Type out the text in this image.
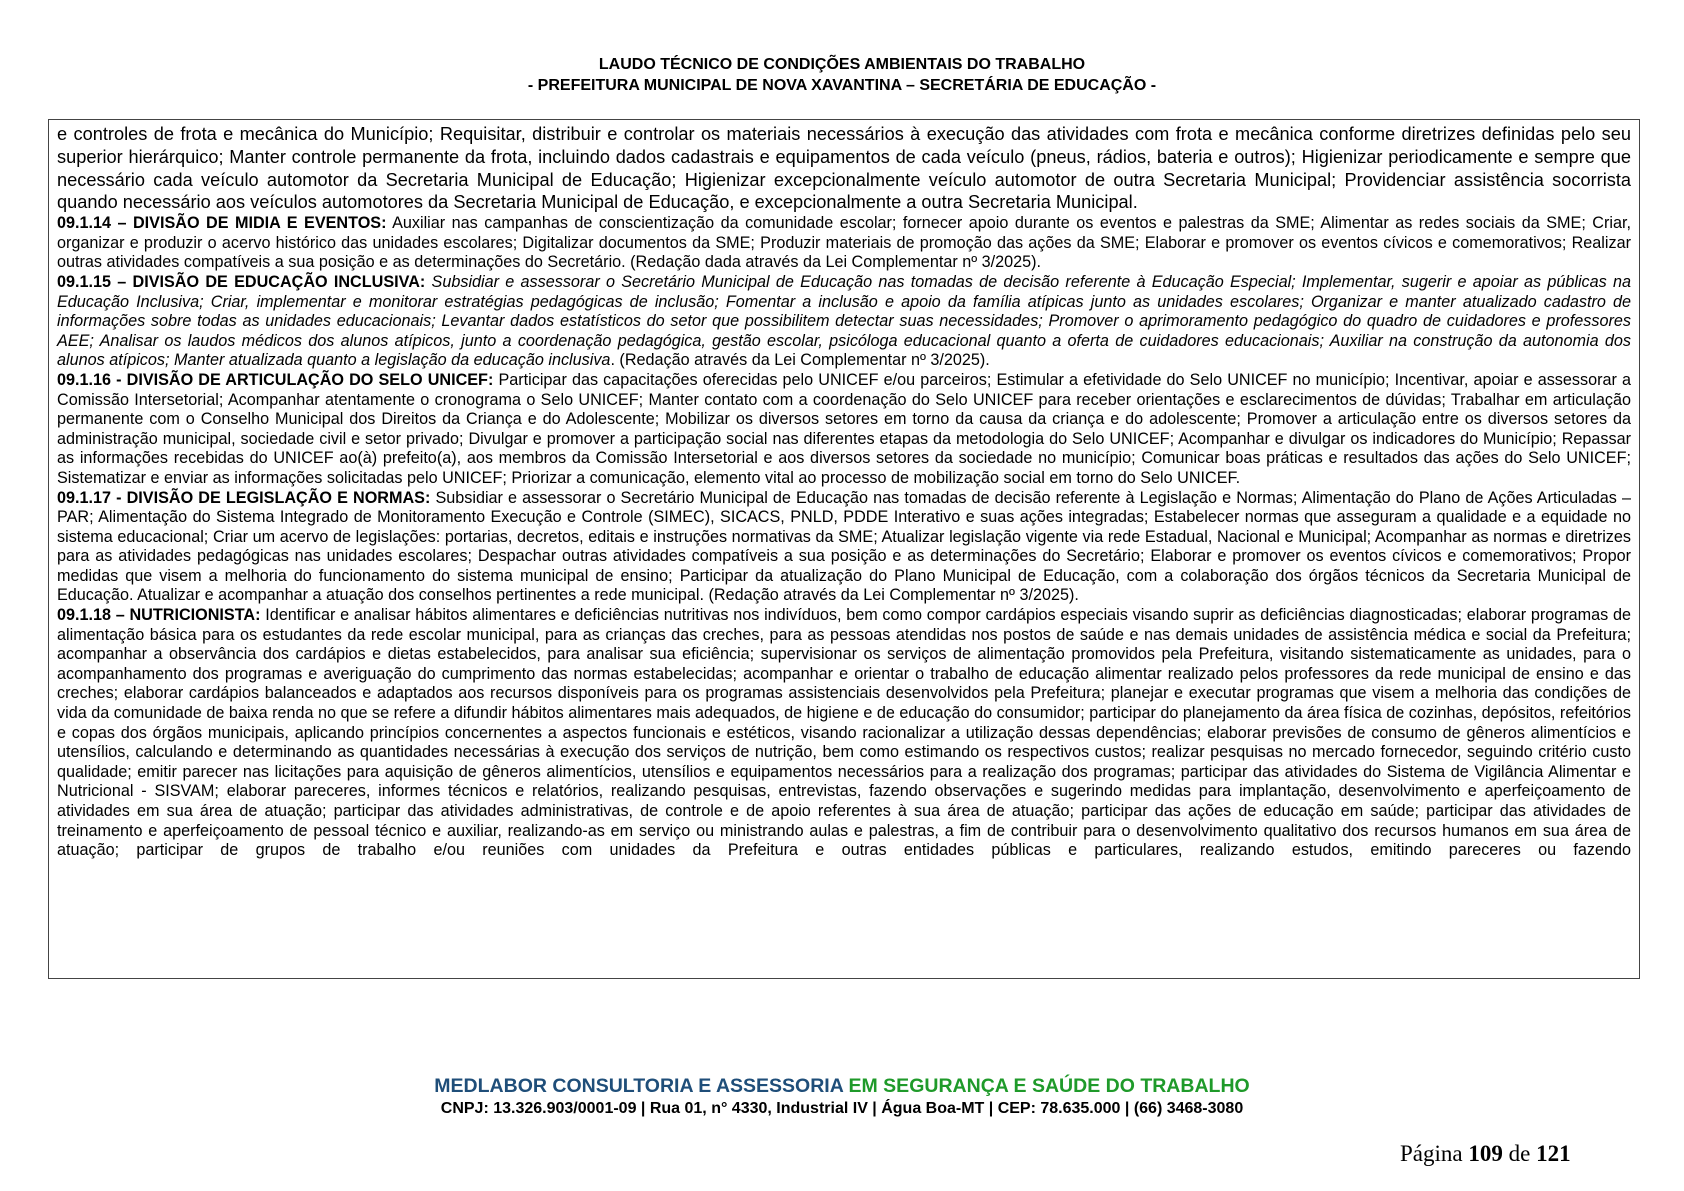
LAUDO TÉCNICO DE CONDIÇÕES AMBIENTAIS DO TRABALHO
- PREFEITURA MUNICIPAL DE NOVA XAVANTINA – SECRETÁRIA DE EDUCAÇÃO -

e controles de frota e mecânica do Município; Requisitar, distribuir e controlar os materiais necessários à execução das atividades com frota e mecânica conforme diretrizes definidas pelo seu superior hierárquico; Manter controle permanente da frota, incluindo dados cadastrais e equipamentos de cada veículo (pneus, rádios, bateria e outros); Higienizar periodicamente e sempre que necessário cada veículo automotor da Secretaria Municipal de Educação; Higienizar excepcionalmente veículo automotor de outra Secretaria Municipal; Providenciar assistência socorrista quando necessário aos veículos automotores da Secretaria Municipal de Educação, e excepcionalmente a outra Secretaria Municipal.

09.1.14 – DIVISÃO DE MIDIA E EVENTOS: Auxiliar nas campanhas de conscientização da comunidade escolar; fornecer apoio durante os eventos e palestras da SME; Alimentar as redes sociais da SME; Criar, organizar e produzir o acervo histórico das unidades escolares; Digitalizar documentos da SME; Produzir materiais de promoção das ações da SME; Elaborar e promover os eventos cívicos e comemorativos; Realizar outras atividades compatíveis a sua posição e as determinações do Secretário. (Redação dada através da Lei Complementar nº 3/2025).

09.1.15 – DIVISÃO DE EDUCAÇÃO INCLUSIVA: Subsidiar e assessorar o Secretário Municipal de Educação nas tomadas de decisão referente à Educação Especial; Implementar, sugerir e apoiar as públicas na Educação Inclusiva; Criar, implementar e monitorar estratégias pedagógicas de inclusão; Fomentar a inclusão e apoio da família atípicas junto as unidades escolares; Organizar e manter atualizado cadastro de informações sobre todas as unidades educacionais; Levantar dados estatísticos do setor que possibilitem detectar suas necessidades; Promover o aprimoramento pedagógico do quadro de cuidadores e professores AEE; Analisar os laudos médicos dos alunos atípicos, junto a coordenação pedagógica, gestão escolar, psicóloga educacional quanto a oferta de cuidadores educacionais; Auxiliar na construção da autonomia dos alunos atípicos; Manter atualizada quanto a legislação da educação inclusiva. (Redação através da Lei Complementar nº 3/2025).

09.1.16 - DIVISÃO DE ARTICULAÇÃO DO SELO UNICEF: Participar das capacitações oferecidas pelo UNICEF e/ou parceiros; Estimular a efetividade do Selo UNICEF no município; Incentivar, apoiar e assessorar a Comissão Intersetorial; Acompanhar atentamente o cronograma o Selo UNICEF; Manter contato com a coordenação do Selo UNICEF para receber orientações e esclarecimentos de dúvidas; Trabalhar em articulação permanente com o Conselho Municipal dos Direitos da Criança e do Adolescente; Mobilizar os diversos setores em torno da causa da criança e do adolescente; Promover a articulação entre os diversos setores da administração municipal, sociedade civil e setor privado; Divulgar e promover a participação social nas diferentes etapas da metodologia do Selo UNICEF; Acompanhar e divulgar os indicadores do Município; Repassar as informações recebidas do UNICEF ao(à) prefeito(a), aos membros da Comissão Intersetorial e aos diversos setores da sociedade no município; Comunicar boas práticas e resultados das ações do Selo UNICEF; Sistematizar e enviar as informações solicitadas pelo UNICEF; Priorizar a comunicação, elemento vital ao processo de mobilização social em torno do Selo UNICEF.

09.1.17 - DIVISÃO DE LEGISLAÇÃO E NORMAS: Subsidiar e assessorar o Secretário Municipal de Educação nas tomadas de decisão referente à Legislação e Normas; Alimentação do Plano de Ações Articuladas – PAR; Alimentação do Sistema Integrado de Monitoramento Execução e Controle (SIMEC), SICACS, PNLD, PDDE Interativo e suas ações integradas; Estabelecer normas que asseguram a qualidade e a equidade no sistema educacional; Criar um acervo de legislações: portarias, decretos, editais e instruções normativas da SME; Atualizar legislação vigente via rede Estadual, Nacional e Municipal; Acompanhar as normas e diretrizes para as atividades pedagógicas nas unidades escolares; Despachar outras atividades compatíveis a sua posição e as determinações do Secretário; Elaborar e promover os eventos cívicos e comemorativos; Propor medidas que visem a melhoria do funcionamento do sistema municipal de ensino; Participar da atualização do Plano Municipal de Educação, com a colaboração dos órgãos técnicos da Secretaria Municipal de Educação. Atualizar e acompanhar a atuação dos conselhos pertinentes a rede municipal. (Redação através da Lei Complementar nº 3/2025).

09.1.18 – NUTRICIONISTA: Identificar e analisar hábitos alimentares e deficiências nutritivas nos indivíduos, bem como compor cardápios especiais visando suprir as deficiências diagnosticadas; elaborar programas de alimentação básica para os estudantes da rede escolar municipal, para as crianças das creches, para as pessoas atendidas nos postos de saúde e nas demais unidades de assistência médica e social da Prefeitura; acompanhar a observância dos cardápios e dietas estabelecidos, para analisar sua eficiência; supervisionar os serviços de alimentação promovidos pela Prefeitura, visitando sistematicamente as unidades, para o acompanhamento dos programas e averiguação do cumprimento das normas estabelecidas; acompanhar e orientar o trabalho de educação alimentar realizado pelos professores da rede municipal de ensino e das creches; elaborar cardápios balanceados e adaptados aos recursos disponíveis para os programas assistenciais desenvolvidos pela Prefeitura; planejar e executar programas que visem a melhoria das condições de vida da comunidade de baixa renda no que se refere a difundir hábitos alimentares mais adequados, de higiene e de educação do consumidor; participar do planejamento da área física de cozinhas, depósitos, refeitórios e copas dos órgãos municipais, aplicando princípios concernentes a aspectos funcionais e estéticos, visando racionalizar a utilização dessas dependências; elaborar previsões de consumo de gêneros alimentícios e utensílios, calculando e determinando as quantidades necessárias à execução dos serviços de nutrição, bem como estimando os respectivos custos; realizar pesquisas no mercado fornecedor, seguindo critério custo qualidade; emitir parecer nas licitações para aquisição de gêneros alimentícios, utensílios e equipamentos necessários para a realização dos programas; participar das atividades do Sistema de Vigilância Alimentar e Nutricional - SISVAM; elaborar pareceres, informes técnicos e relatórios, realizando pesquisas, entrevistas, fazendo observações e sugerindo medidas para implantação, desenvolvimento e aperfeiçoamento de atividades em sua área de atuação; participar das atividades administrativas, de controle e de apoio referentes à sua área de atuação; participar das ações de educação em saúde; participar das atividades de treinamento e aperfeiçoamento de pessoal técnico e auxiliar, realizando-as em serviço ou ministrando aulas e palestras, a fim de contribuir para o desenvolvimento qualitativo dos recursos humanos em sua área de atuação; participar de grupos de trabalho e/ou reuniões com unidades da Prefeitura e outras entidades públicas e particulares, realizando estudos, emitindo pareceres ou fazendo

MEDLABOR CONSULTORIA E ASSESSORIA EM SEGURANÇA E SAÚDE DO TRABALHO
CNPJ: 13.326.903/0001-09 | Rua 01, n° 4330, Industrial IV | Água Boa-MT | CEP: 78.635.000 | (66) 3468-3080
Página 109 de 121
